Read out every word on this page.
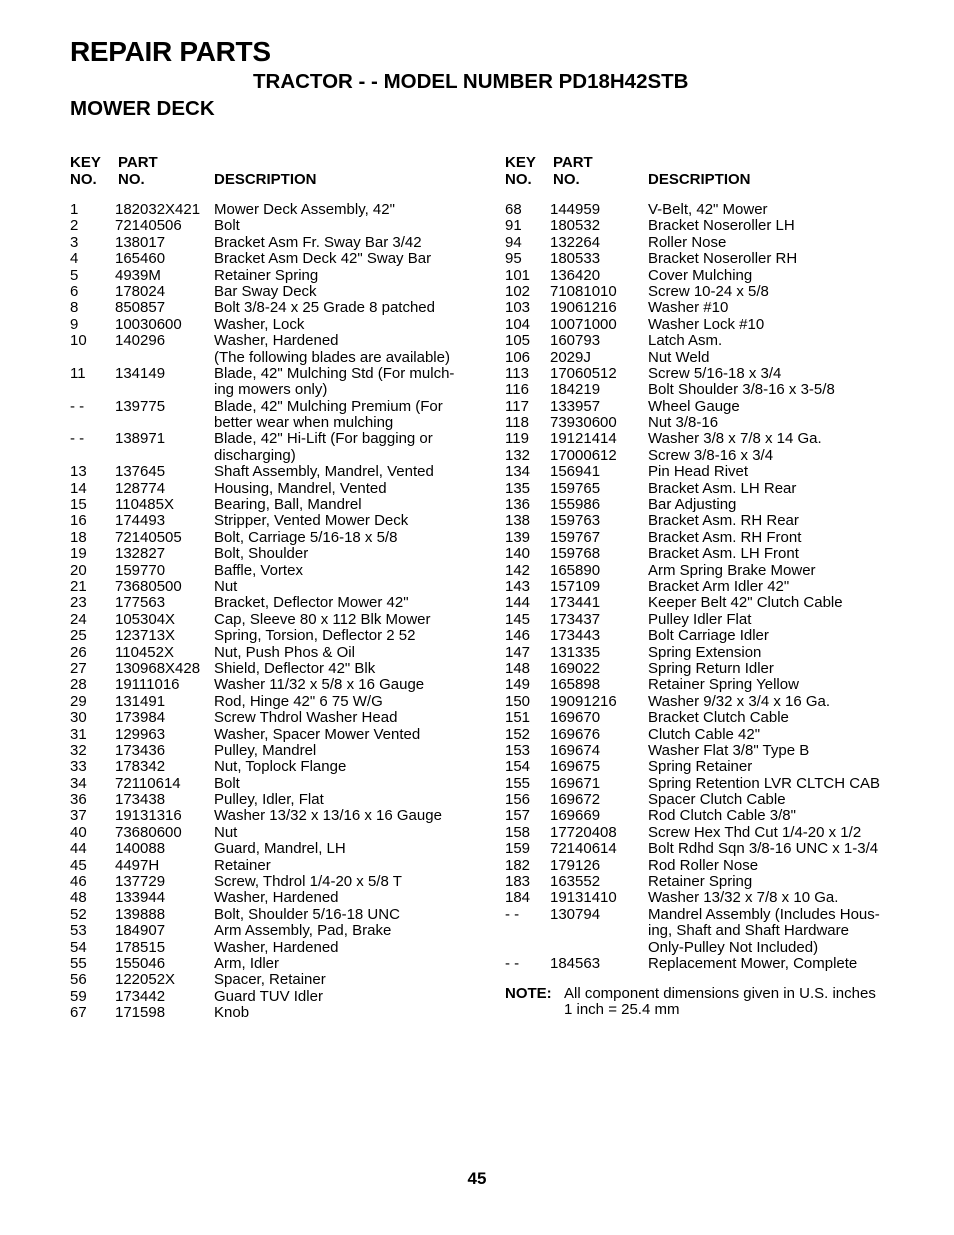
REPAIR PARTS
TRACTOR - - MODEL NUMBER PD18H42STB
MOWER DECK
KEY
NO.
PART
NO.	DESCRIPTION
1 182032X421 Mower Deck Assembly, 42"
2 72140506 Bolt
3 138017	Bracket Asm Fr. Sway Bar 3/42
4 165460	Bracket Asm Deck 42" Sway Bar
5 4939M	Retainer Spring
6 178024	Bar Sway Deck
8 850857	Bolt 3/8-24 x 25 Grade 8 patched
9 10030600 Washer, Lock
10 140296	Washer, Hardened
(The following blades are available)
11 134149	Blade, 42" Mulching Std (For mulch-
ing mowers only)
- - 139775	Blade, 42" Mulching Premium (For
better wear when mulching
- - 138971	Blade, 42" Hi-Lift (For bagging or
discharging)
13 137645	Shaft Assembly, Mandrel, Vented
14 128774	Housing, Mandrel, Vented
15 110485X	Bearing, Ball, Mandrel
16 174493	Stripper, Vented Mower Deck
18 72140505 Bolt, Carriage 5/16-18 x 5/8
19 132827	Bolt, Shoulder
20 159770	Baffle, Vortex
21 73680500 Nut
23 177563	Bracket, Deflector Mower 42"
24 105304X	Cap, Sleeve 80 x 112 Blk Mower
25 123713X	Spring, Torsion, Deflector 2 52
26 110452X	Nut, Push Phos & Oil
27 130968X428 Shield, Deflector 42" Blk
28 19111016 Washer 11/32 x 5/8 x 16 Gauge
29 131491	Rod, Hinge 42" 6 75 W/G
30 173984	Screw Thdrol Washer Head
31 129963	Washer, Spacer Mower Vented
32 173436	Pulley, Mandrel
33 178342	Nut, Toplock Flange
34 72110614 Bolt
36 173438	Pulley, Idler, Flat
37 19131316 Washer 13/32 x 13/16 x 16 Gauge
40 73680600 Nut
44 140088	Guard, Mandrel, LH
45 4497H	Retainer
46 137729	Screw, Thdrol 1/4-20 x 5/8 T
48 133944	Washer, Hardened
52 139888	Bolt, Shoulder 5/16-18 UNC
53 184907	Arm Assembly, Pad, Brake
54 178515	Washer, Hardened
55 155046	Arm, Idler
56 122052X	Spacer, Retainer
59 173442	Guard TUV Idler
67 171598	Knob
KEY
NO.
PART
NO.	DESCRIPTION
68 144959	V-Belt, 42" Mower
91 180532	Bracket Noseroller LH
94 132264	Roller Nose
95 180533	Bracket Noseroller RH
101 136420	Cover Mulching
102 71081010 Screw 10-24 x 5/8
103 19061216 Washer #10
104 10071000 Washer Lock #10
105 160793	Latch Asm.
106 2029J	Nut Weld
113 17060512 Screw 5/16-18 x 3/4
116 184219	Bolt Shoulder 3/8-16 x 3-5/8
117 133957	Wheel Gauge
118 73930600 Nut 3/8-16
119 19121414 Washer 3/8 x 7/8 x 14 Ga.
132 17000612 Screw 3/8-16 x 3/4
134 156941	Pin Head Rivet
135 159765	Bracket Asm. LH Rear
136 155986	Bar Adjusting
138 159763	Bracket Asm. RH Rear
139 159767	Bracket Asm. RH Front
140 159768	Bracket Asm. LH Front
142 165890	Arm Spring Brake Mower
143 157109	Bracket Arm Idler 42"
144 173441	Keeper Belt 42" Clutch Cable
145 173437	Pulley Idler Flat
146 173443	Bolt Carriage Idler
147 131335	Spring Extension
148 169022	Spring Return Idler
149 165898	Retainer Spring Yellow
150 19091216 Washer 9/32 x 3/4 x 16 Ga.
151 169670	Bracket Clutch Cable
152 169676	Clutch Cable 42"
153 169674	Washer Flat 3/8" Type B
154 169675	Spring Retainer
155 169671	Spring Retention LVR CLTCH CAB
156 169672	Spacer Clutch Cable
157 169669	Rod Clutch Cable 3/8"
158 17720408 Screw Hex Thd Cut 1/4-20 x 1/2
159 72140614 Bolt Rdhd Sqn 3/8-16 UNC x 1-3/4
182 179126	Rod Roller Nose
183 163552	Retainer Spring
184 19131410 Washer 13/32 x 7/8 x 10 Ga.
- - 130794	Mandrel Assembly (Includes Hous-
ing, Shaft and Shaft Hardware
Only-Pulley Not Included)
- - 184563	Replacement Mower, Complete
NOTE: All component dimensions given in U.S. inches
1 inch = 25.4 mm
45
